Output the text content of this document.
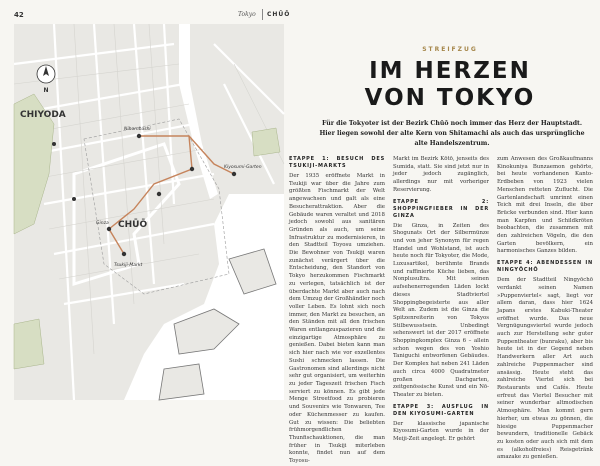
42	Tokyo CHŪŌ
CHIYODA
CHŪŌ
Nihombashi
Kiyosumi-Garten
Tsukiji-Markt
Ginza
N
STREIFZUG
IM HERZEN
VON TOKYO
Für die Tokyoter ist der Bezirk Chūō noch immer das Herz der Hauptstadt. Hier liegen sowohl der alte Kern von Shitamachi als auch das ursprüngliche alte Handelszentrum.
ETAPPE 1: BESUCH DES TSUKIJI-MARKTS

Der 1935 eröffnete Markt in Tsukiji war über die Jahre zum größten Fischmarkt der Welt angewachsen und galt als eine Besucherattraktion. Aber die Gebäude waren veraltet und 2018 jedoch sowohl aus sanitären Gründen als auch, um seine Infrastruktur zu modernisieren, in den Stadtteil Toyosu umziehen. Die Bewohner von Tsukiji waren zunächst verärgert über die Entscheidung, den Standort von Tokyo herzukommen Fischmarkt zu verlegen, tatsächlich ist der überdachte Markt aber auch nach dem Umzug der Großhändler noch voller Leben. Es lohnt sich noch immer, den Markt zu besuchen, an den Ständen mit all den frischen Waren entlangzuspazieren und die einzigartige Atmosphäre zu genießen. Dabei bieten kann man sich hier nach wie vor exzellentes Sushi schmecken lassen. Die Gastronomen sind allerdings nicht sehr gut organisiert, um weiterhin zu jeder Tageszeit frischen Fisch serviert zu können. Es gibt jede Menge Streetfood zu probieren und Souvenirs wie Tonwaren, Tee oder Küchenmesser zu kaufen. Gut zu wissen: Die beliebten frühmorgendlichen Thunfischauktionen, die man früher in Tsukiji miterleben konnte, findet nun auf dem Toyosu-

Markt im Bezirk Kōtō, jenseits des Sumida, statt. Sie sind jetzt nur in jeder jedoch zugänglich, allerdings nur mit vorheriger Reservierung.

ETAPPE 2: SHOPPINGFIEBER IN DER GINZA

Die Ginza, in Zeiten des Shogunats Ort der Silbermünze und von jeher Synonym für regen Handel und Wohlstand, ist auch heute noch für Tokyoter, die Mode, Luxusartikel, berühmte Brands und raffinierte Küche lieben, das Nonplusultra. Mit seinen aufsehenerregenden Läden lockt dieses Stadtviertel Shoppingbegeisterte aus aller Welt an. Zudem ist die Ginza die Spitzenreiterin von Tokyos Stilbewusstsein. Unbedingt sehenswert ist der 2017 eröffnete Shoppingkomplex Ginza 6 – allein schon wegen des von Yoshio Taniguchi entworfenen Gebäudes. Der Komplex hat neben 241 Läden auch circa 4000 Quadratmeter großen Dachgarten, zeitgenössische Kunst und ein Nō-Theater zu bieten.

ETAPPE 3: AUSFLUG IN DEN KIYOSUMI-GARTEN

Der klassische japanische Kiyosumi-Garten wurde in der Meiji-Zeit angelegt. Er gehört

zum Anwesen des Großkaufmanns Kinokuniya Bunzaemon gehörte, bei heute vorhandenen Kanto-Erdbeben von 1923 vielen Menschen retteten Zuflucht. Die Gartenlandschaft umrinnt einen Teich mit drei Inseln, die über Brücke verbunden sind. Hier kann man Karpfen und Schildkröten beobachten, die zusammen mit den zahlreichen Vögeln, die den Garten bevölkern, ein harmonisches Ganzes bilden.

ETAPPE 4: ABENDESSEN IN NINGYŌCHŌ

Dem der Stadtteil Ningyōchō verdankt seinen Namen »Puppenviertel« sagt, liegt vor allem daran, dass hier 1624 Japans erstes Kabuki-Theater eröffnet wurde. Das neue Vergnügungsviertel wurde jedoch auch zur Herstellung sehr guter Puppentheater (bunraku), aber bis heute ist in der Gegend neben Handwerkern aller Art auch zahlreiche Puppenmacher sind ansässig. Heute steht das zahlreiche Viertel sich bei Restaurants und Cafés. Heute erfreut das Viertel Besucher mit seiner wunderbar altmodischen Atmosphäre. Man kommt gern hierher, um etwas zu gönnen, die hiesige Puppenmacher bewundern, traditionelle Gebäck zu kosten oder auch sich mit dem es (alkoholfreies) Reisgetränk amazake zu genießen.
